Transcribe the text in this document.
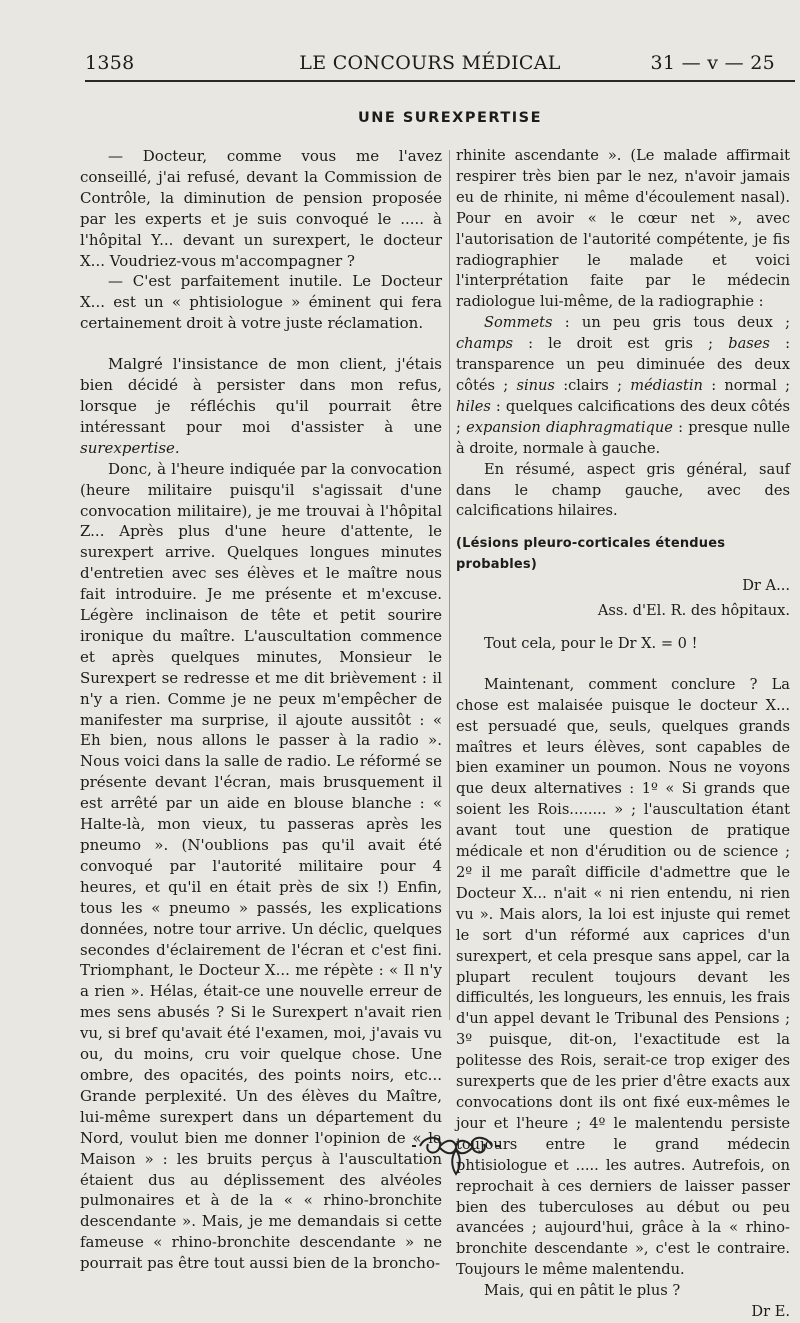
1358	LE CONCOURS MÉDICAL	31 — v — 25
UNE SUREXPERTISE

— Docteur, comme vous me l'avez conseillé, j'ai refusé, devant la Commission de Contrôle, la diminution de pension proposée par les experts et je suis convoqué le ..... à l'hôpital Y... devant un surexpert, le docteur X... Voudriez-vous m'accompagner ?

— C'est parfaitement inutile. Le Docteur X... est un « phtisiologue » éminent qui fera certainement droit à votre juste réclamation.

Malgré l'insistance de mon client, j'étais bien décidé à persister dans mon refus, lorsque je réfléchis qu'il pourrait être intéressant pour moi d'assister à une surexpertise.

Donc, à l'heure indiquée par la convocation (heure militaire puisqu'il s'agissait d'une convocation militaire), je me trouvai à l'hôpital Z... Après plus d'une heure d'attente, le surexpert arrive. Quelques longues minutes d'entretien avec ses élèves et le maître nous fait introduire. Je me présente et m'excuse. Légère inclinaison de tête et petit sourire ironique du maître. L'auscultation commence et après quelques minutes, Monsieur le Surexpert se redresse et me dit brièvement : il n'y a rien. Comme je ne peux m'empêcher de manifester ma surprise, il ajoute aussitôt : « Eh bien, nous allons le passer à la radio ». Nous voici dans la salle de radio. Le réformé se présente devant l'écran, mais brusquement il est arrêté par un aide en blouse blanche : « Halte-là, mon vieux, tu passeras après les pneumo ». (N'oublions pas qu'il avait été convoqué par l'autorité militaire pour 4 heures, et qu'il en était près de six !) Enfin, tous les « pneumo » passés, les explications données, notre tour arrive. Un déclic, quelques secondes d'éclairement de l'écran et c'est fini. Triomphant, le Docteur X... me répète : « Il n'y a rien ». Hélas, était-ce une nouvelle erreur de mes sens abusés ? Si le Surexpert n'avait rien vu, si bref qu'avait été l'examen, moi, j'avais vu ou, du moins, cru voir quelque chose. Une ombre, des opacités, des points noirs, etc... Grande perplexité. Un des élèves du Maître, lui-même surexpert dans un département du Nord, voulut bien me donner l'opinion de « la Maison » : les bruits perçus à l'auscultation étaient dus au déplissement des alvéoles pulmonaires et à de la « « rhino-bronchite descendante ». Mais, je me demandais si cette fameuse « rhino-bronchite descendante » ne pourrait pas être tout aussi bien de la broncho-

rhinite ascendante ». (Le malade affirmait respirer très bien par le nez, n'avoir jamais eu de rhinite, ni même d'écoulement nasal). Pour en avoir « le cœur net », avec l'autorisation de l'autorité compétente, je fis radiographier le malade et voici l'interprétation faite par le médecin radiologue lui-même, de la radiographie :

Sommets : un peu gris tous deux ; champs : le droit est gris ; bases : transparence un peu diminuée des deux côtés ; sinus :clairs ; médiastin : normal ; hiles : quelques calcifications des deux côtés ; expansion diaphragmatique : presque nulle à droite, normale à gauche.

En résumé, aspect gris général, sauf dans le champ gauche, avec des calcifications hilaires.

(Lésions pleuro-corticales étendues probables)

Dr A...

Ass. d'El. R. des hôpitaux.

Tout cela, pour le Dr X. = 0 !

Maintenant, comment conclure ? La chose est malaisée puisque le docteur X... est persuadé que, seuls, quelques grands maîtres et leurs élèves, sont capables de bien examiner un poumon. Nous ne voyons que deux alternatives : 1º « Si grands que soient les Rois........ » ; l'auscultation étant avant tout une question de pratique médicale et non d'érudition ou de science ; 2º il me paraît difficile d'admettre que le Docteur X... n'ait « ni rien entendu, ni rien vu ». Mais alors, la loi est injuste qui remet le sort d'un réformé aux caprices d'un surexpert, et cela presque sans appel, car la plupart reculent toujours devant les difficultés, les longueurs, les ennuis, les frais d'un appel devant le Tribunal des Pensions ; 3º puisque, dit-on, l'exactitude est la politesse des Rois, serait-ce trop exiger des surexperts que de les prier d'être exacts aux convocations dont ils ont fixé eux-mêmes le jour et l'heure ; 4º le malentendu persiste toujours entre le grand médecin phtisiologue et ..... les autres. Autrefois, on reprochait à ces derniers de laisser passer bien des tuberculoses au début ou peu avancées ; aujourd'hui, grâce à la « rhino-bronchite descendante », c'est le contraire. Toujours le même malentendu.

Mais, qui en pâtit le plus ?

Dr E.
